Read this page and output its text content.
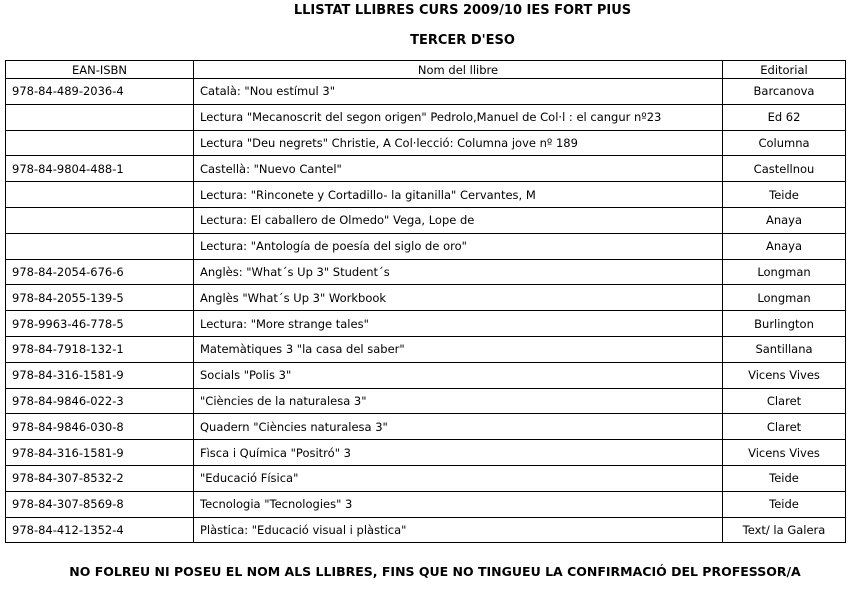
LLISTAT LLIBRES CURS 2009/10 IES FORT PIUS

TERCER D'ESO

EAN-ISBN	Nom del llibre	Editorial
978-84-489-2036-4	Català: "Nou estímul 3"	Barcanova
	Lectura "Mecanoscrit del segon origen" Pedrolo,Manuel de Col·l : el cangur nº23	Ed 62
	Lectura "Deu negrets" Christie, A Col·lecció: Columna jove nº 189	Columna
978-84-9804-488-1	Castellà: "Nuevo Cantel"	Castellnou
	Lectura: "Rinconete y Cortadillo- la gitanilla" Cervantes, M	Teide
	Lectura: El caballero de Olmedo" Vega, Lope de	Anaya
	Lectura: "Antología de poesía del siglo de oro"	Anaya
978-84-2054-676-6	Anglès: "What´s Up 3" Student´s	Longman
978-84-2055-139-5	Anglès "What´s Up 3" Workbook	Longman
978-9963-46-778-5	Lectura: "More strange tales"	Burlington
978-84-7918-132-1	Matemàtiques 3 "la casa del saber"	Santillana
978-84-316-1581-9	Socials "Polis 3"	Vicens Vives
978-84-9846-022-3	"Ciències de la naturalesa 3"	Claret
978-84-9846-030-8	Quadern "Ciències naturalesa 3"	Claret
978-84-316-1581-9	Fìsca i Química "Positró" 3	Vicens Vives
978-84-307-8532-2	"Educació Física"	Teide
978-84-307-8569-8	Tecnologia "Tecnologies" 3	Teide
978-84-412-1352-4	Plàstica: "Educació visual i plàstica"	Text/ la Galera

NO FOLREU NI POSEU EL NOM ALS LLIBRES, FINS QUE NO TINGUEU LA CONFIRMACIÓ DEL PROFESSOR/A
